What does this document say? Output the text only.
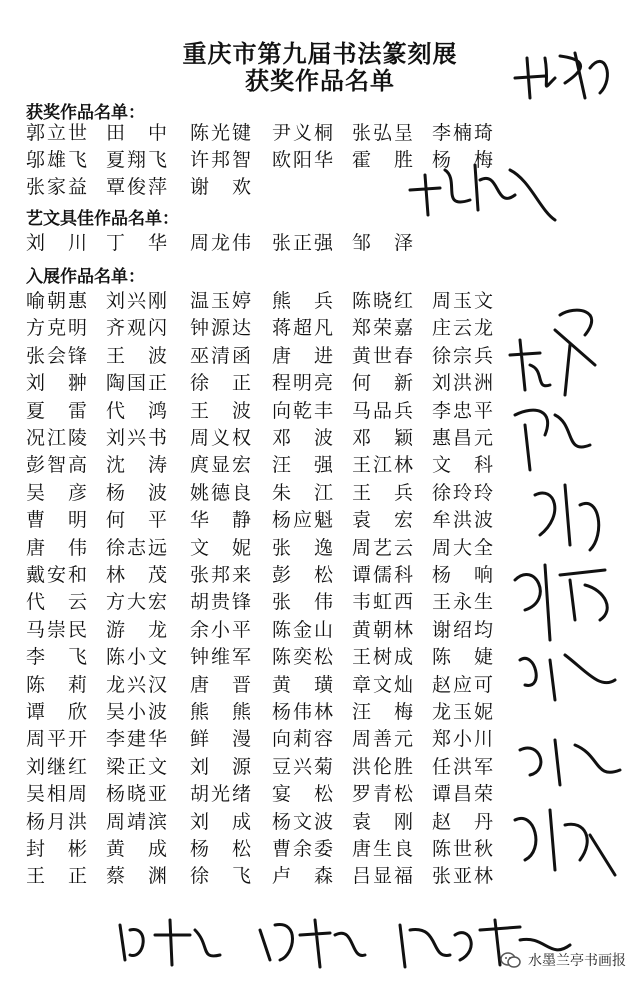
重庆市第九届书法篆刻展
获奖作品名单
获奖作品名单：
艺文具佳作品名单：
入展作品名单：
郭立世 田　中 陈光键 尹义桐 张弘呈 李楠琦
邬雄飞 夏翔飞 许邦智 欧阳华 霍　胜 杨　梅
张家益 覃俊萍 谢　欢
刘　川 丁　华 周龙伟 张正强 邹　泽
喻朝惠 刘兴刚 温玉婷 熊　兵 陈晓红 周玉文
方克明 齐观闪 钟源达 蒋超凡 郑荣嘉 庄云龙
张会锋 王　波 巫清函 唐　进 黄世春 徐宗兵
刘　翀 陶国正 徐　正 程明亮 何　新 刘洪洲
夏　雷 代　鸿 王　波 向乾丰 马品兵 李忠平
况江陵 刘兴书 周义权 邓　波 邓　颖 惠昌元
彭智高 沈　涛 庹显宏 汪　强 王江林 文　科
吴　彦 杨　波 姚德良 朱　江 王　兵 徐玲玲
曹　明 何　平 华　静 杨应魁 袁　宏 牟洪波
唐　伟 徐志远 文　妮 张　逸 周艺云 周大全
戴安和 林　茂 张邦来 彭　松 谭儒科 杨　响
代　云 方大宏 胡贵锋 张　伟 韦虹西 王永生
马崇民 游　龙 余小平 陈金山 黄朝林 谢绍均
李　飞 陈小文 钟维军 陈奕松 王树成 陈　婕
陈　莉 龙兴汉 唐　晋 黄　璜 章文灿 赵应可
谭　欣 吴小波 熊　熊 杨伟林 汪　梅 龙玉妮
周平开 李建华 鲜　漫 向莉容 周善元 郑小川
刘继红 梁正文 刘　源 豆兴菊 洪伦胜 任洪军
吴相周 杨晓亚 胡光绪 宴　松 罗青松 谭昌荣
杨月洪 周靖滨 刘　成 杨文波 袁　刚 赵　丹
封　彬 黄　成 杨　松 曹余委 唐生良 陈世秋
王　正 蔡　渊 徐　飞 卢　森 吕显福 张亚林
水墨兰亭书画报
